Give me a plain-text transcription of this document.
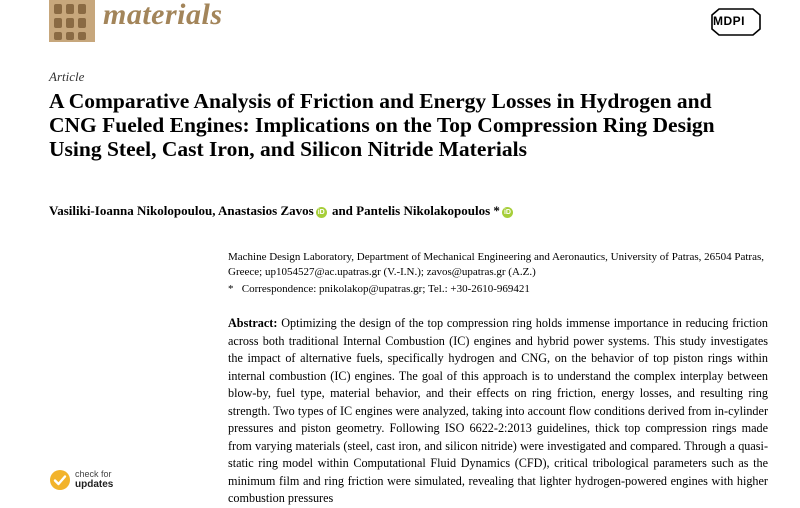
materials	MDPI
Article
A Comparative Analysis of Friction and Energy Losses in Hydrogen and CNG Fueled Engines: Implications on the Top Compression Ring Design Using Steel, Cast Iron, and Silicon Nitride Materials
Vasiliki-Ioanna Nikolopoulou, Anastasios Zavos iD and Pantelis Nikolakopoulos * iD
Machine Design Laboratory, Department of Mechanical Engineering and Aeronautics, University of Patras, 26504 Patras, Greece; up1054527@ac.upatras.gr (V.-I.N.); zavos@upatras.gr (A.Z.)
*   Correspondence: pnikolakop@upatras.gr; Tel.: +30-2610-969421
Abstract: Optimizing the design of the top compression ring holds immense importance in reducing friction across both traditional Internal Combustion (IC) engines and hybrid power systems. This study investigates the impact of alternative fuels, specifically hydrogen and CNG, on the behavior of top piston rings within internal combustion (IC) engines. The goal of this approach is to understand the complex interplay between blow-by, fuel type, material behavior, and their effects on ring friction, energy losses, and resulting ring strength. Two types of IC engines were analyzed, taking into account flow conditions derived from in-cylinder pressures and piston geometry. Following ISO 6622-2:2013 guidelines, thick top compression rings made from varying materials (steel, cast iron, and silicon nitride) were investigated and compared. Through a quasi-static ring model within Computational Fluid Dynamics (CFD), critical tribological parameters such as the minimum film and ring friction were simulated, revealing that lighter hydrogen-powered engines with higher combustion pressures
check for
updates
